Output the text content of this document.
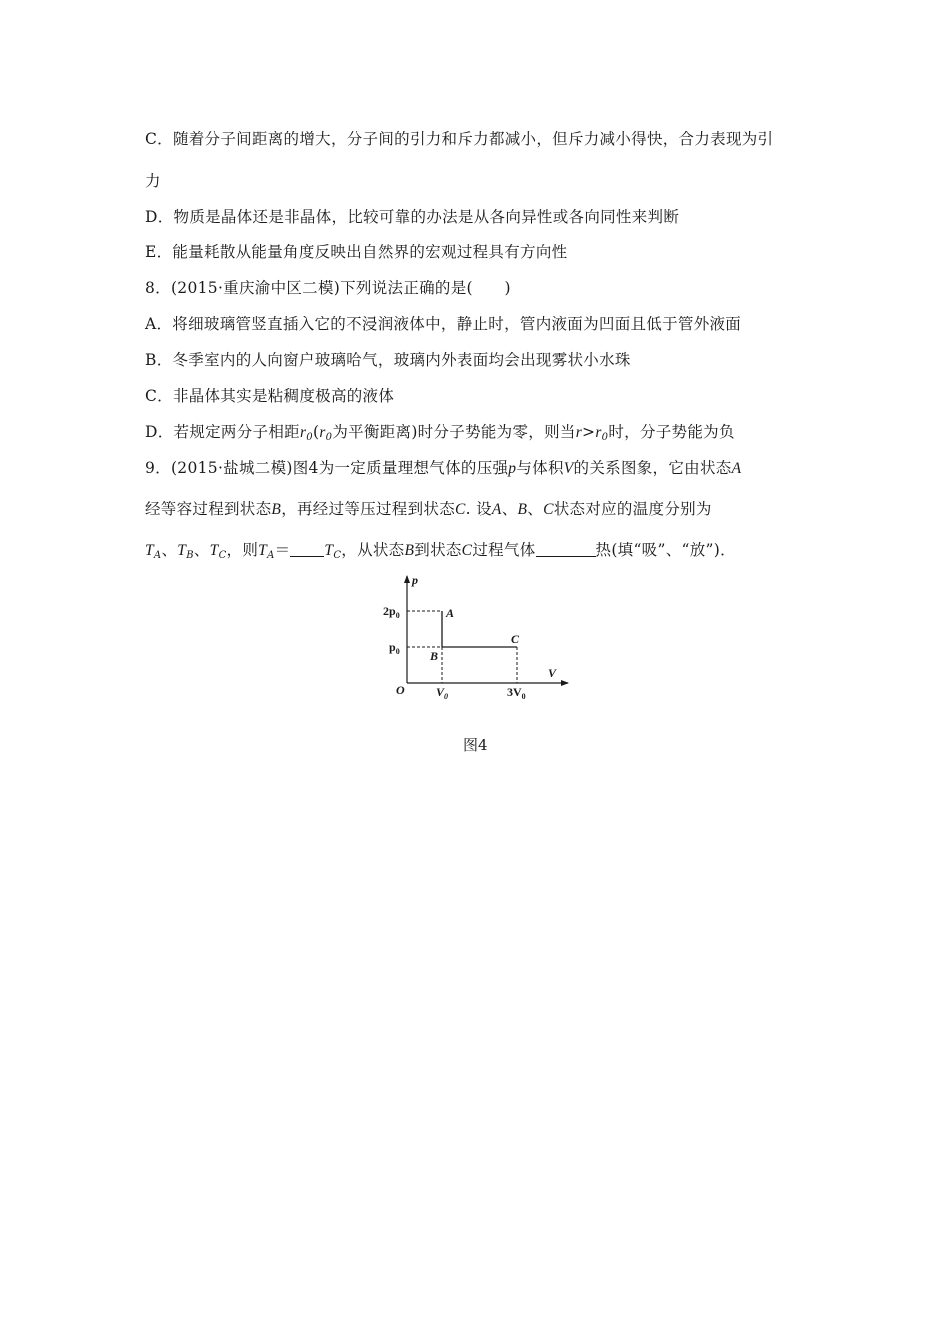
C．随着分子间距离的增大，分子间的引力和斥力都减小，但斥力减小得快，合力表现为引
力
D．物质是晶体还是非晶体，比较可靠的办法是从各向异性或各向同性来判断
E．能量耗散从能量角度反映出自然界的宏观过程具有方向性
8．(2015·重庆渝中区二模)下列说法正确的是(　　)
A．将细玻璃管竖直插入它的不浸润液体中，静止时，管内液面为凹面且低于管外液面
B．冬季室内的人向窗户玻璃哈气，玻璃内外表面均会出现雾状小水珠
C．非晶体其实是粘稠度极高的液体
D．若规定两分子相距$r_0(r_0$为平衡距离)时分子势能为零，则当$r>r_0$时，分子势能为负
9．(2015·盐城二模)图4为一定质量理想气体的压强p与体积V的关系图象，它由状态A
经等容过程到状态B，再经过等压过程到状态C. 设A、B、C状态对应的温度分别为
$T_A$、$T_B$、$T_C$，则$T_A= T_C$，从状态B到状态C过程气体	热(填“吸”、“放”)．
p
V
O
$2p_0$
$p_0$
$V_0$	$3V_0$
A
B
C
图4
